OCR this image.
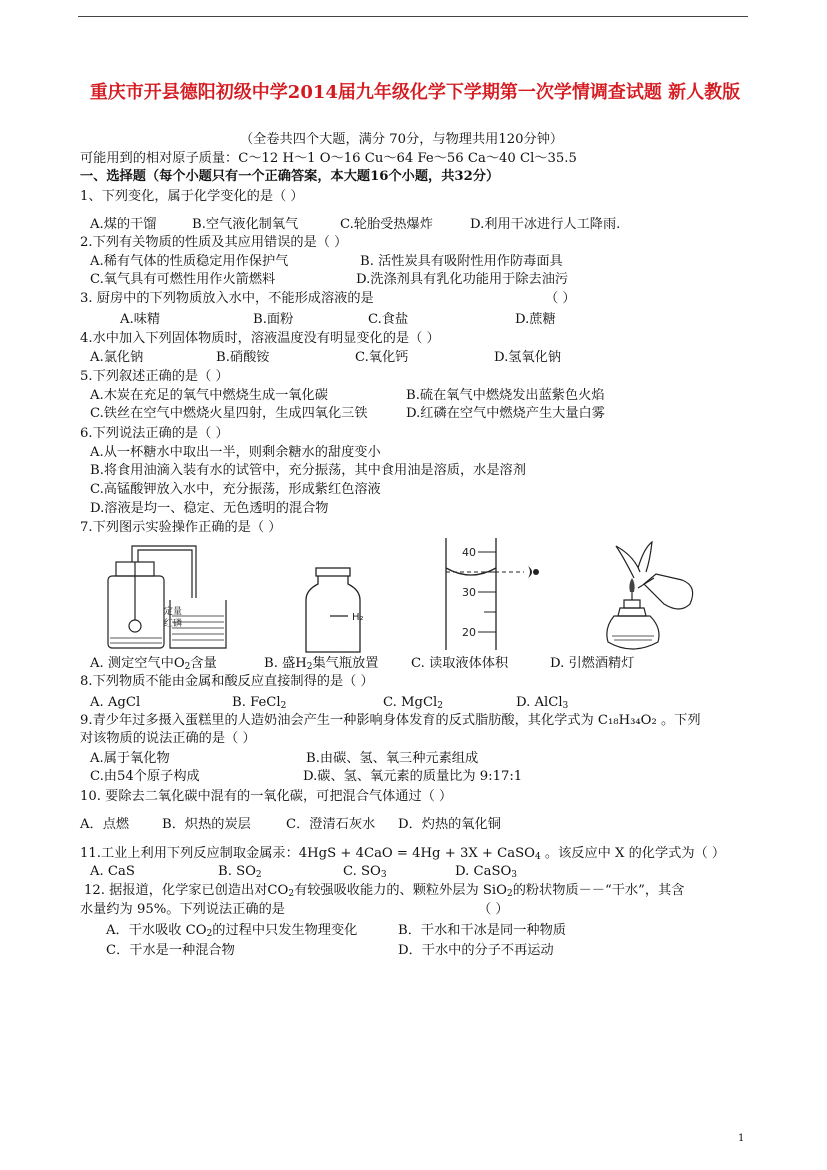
重庆市开县德阳初级中学2014届九年级化学下学期第一次学情调查试题 新人教版
（全卷共四个大题，满分 70分，与物理共用120分钟）
可能用到的相对原子质量：C～12 H～1 O～16 Cu～64 Fe～56 Ca～40 Cl～35.5
一、选择题（每个小题只有一个正确答案，本大题16个小题，共32分）
1、下列变化，属于化学变化的是（ ）
A.煤的干馏	B.空气液化制氧气	C.轮胎受热爆炸	D.利用干冰进行人工降雨.
2.下列有关物质的性质及其应用错误的是（ ）
A.稀有气体的性质稳定用作保护气	B. 活性炭具有吸附性用作防毒面具
C.氧气具有可燃性用作火箭燃料	D.洗涤剂具有乳化功能用于除去油污
3. 厨房中的下列物质放入水中，不能形成溶液的是	（ ）
A.味精	B.面粉	C.食盐	D.蔗糖
4.水中加入下列固体物质时，溶液温度没有明显变化的是（ ）
A.氯化钠	B.硝酸铵	C.氧化钙	D.氢氧化钠
5.下列叙述正确的是（ ）
A.木炭在充足的氧气中燃烧生成一氧化碳	B.硫在氧气中燃烧发出蓝紫色火焰
C.铁丝在空气中燃烧火星四射，生成四氧化三铁	D.红磷在空气中燃烧产生大量白雾
6.下列说法正确的是（ ）
A.从一杯糖水中取出一半，则剩余糖水的甜度变小
B.将食用油滴入装有水的试管中，充分振荡，其中食用油是溶质，水是溶剂
C.高锰酸钾放入水中，充分振荡，形成紫红色溶液
D.溶液是均一、稳定、无色透明的混合物
7.下列图示实验操作正确的是（ ）
定量
红磷
H₂
40
30
20
A. 测定空气中$O_2$含量	B. 盛$H_2$集气瓶放置 C. 读取液体体积	D. 引燃酒精灯
8.下列物质不能由金属和酸反应直接制得的是（ ）
A. AgCl	B. FeCl$_2$	C. MgCl$_2$	D. AlCl$_3$
9.青少年过多摄入蛋糕里的人造奶油会产生一种影响身体发育的反式脂肪酸，其化学式为 C₁₈H₃₄O₂ 。下列
对该物质的说法正确的是（ ）
A.属于氧化物	B.由碳、氢、氧三种元素组成
C.由54个原子构成	D.碳、氢、氧元素的质量比为 9:17:1
10. 要除去二氧化碳中混有的一氧化碳，可把混合气体通过（ ）
A．点燃 B．炽热的炭层	C．澄清石灰水 D．灼热的氧化铜
11.工业上利用下列反应制取金属汞：4HgS + 4CaO = 4Hg + 3X + CaSO$_4$ 。该反应中 X 的化学式为（ ）
A. CaS	B. $SO_2$	C. $SO_3$	D. CaSO$_3$
12. 据报道，化学家已创造出对$CO_2$有较强吸收能力的、颗粒外层为 SiO$_2$的粉状物质－－“干水”，其含
水量约为 95%。下列说法正确的是	（ ）
A．干水吸收 $CO_2$的过程中只发生物理变化	B．干水和干冰是同一种物质
C．干水是一种混合物	D．干水中的分子不再运动
1
